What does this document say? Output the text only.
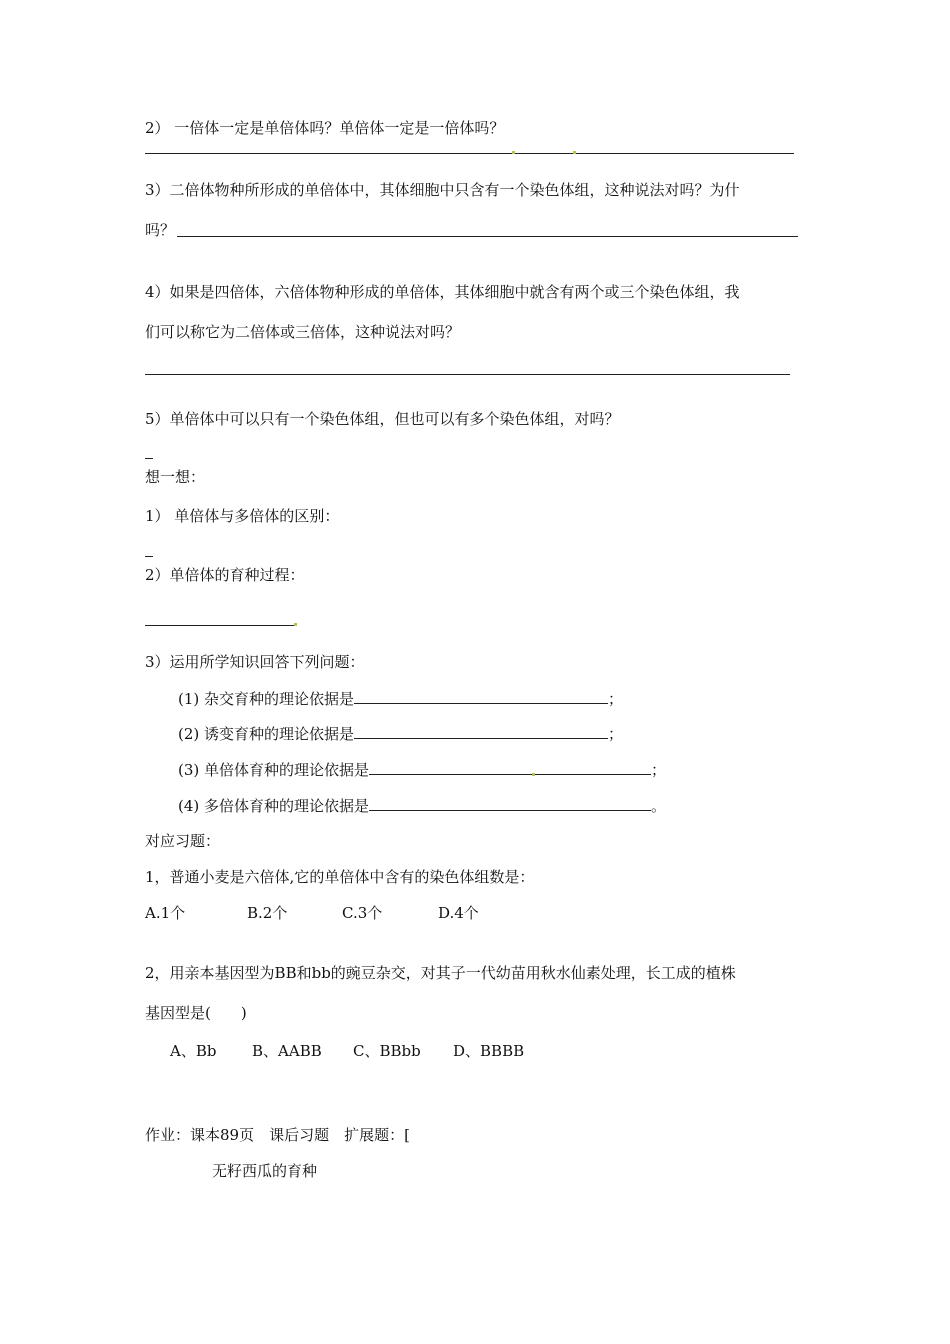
2） 一倍体一定是单倍体吗？单倍体一定是一倍体吗？
3）二倍体物种所形成的单倍体中，其体细胞中只含有一个染色体组，这种说法对吗？为什
吗？
4）如果是四倍体，六倍体物种形成的单倍体，其体细胞中就含有两个或三个染色体组，我
们可以称它为二倍体或三倍体，这种说法对吗？
5）单倍体中可以只有一个染色体组，但也可以有多个染色体组，对吗？
想一想：
1） 单倍体与多倍体的区别：
2）单倍体的育种过程：
3）运用所学知识回答下列问题：
(1) 杂交育种的理论依据是	；
(2) 诱变育种的理论依据是	；
(3) 单倍体育种的理论依据是	；
(4) 多倍体育种的理论依据是	。
对应习题：
1，普通小麦是六倍体,它的单倍体中含有的染色体组数是：
A.1个	B.2个	C.3个	D.4个
2，用亲本基因型为BB和bb的豌豆杂交，对其子一代幼苗用秋水仙素处理，长工成的植株
基因型是(　　)
A、Bb B、AABB C、BBbb D、BBBB
作业：课本89页　课后习题　扩展题：[
无籽西瓜的育种
